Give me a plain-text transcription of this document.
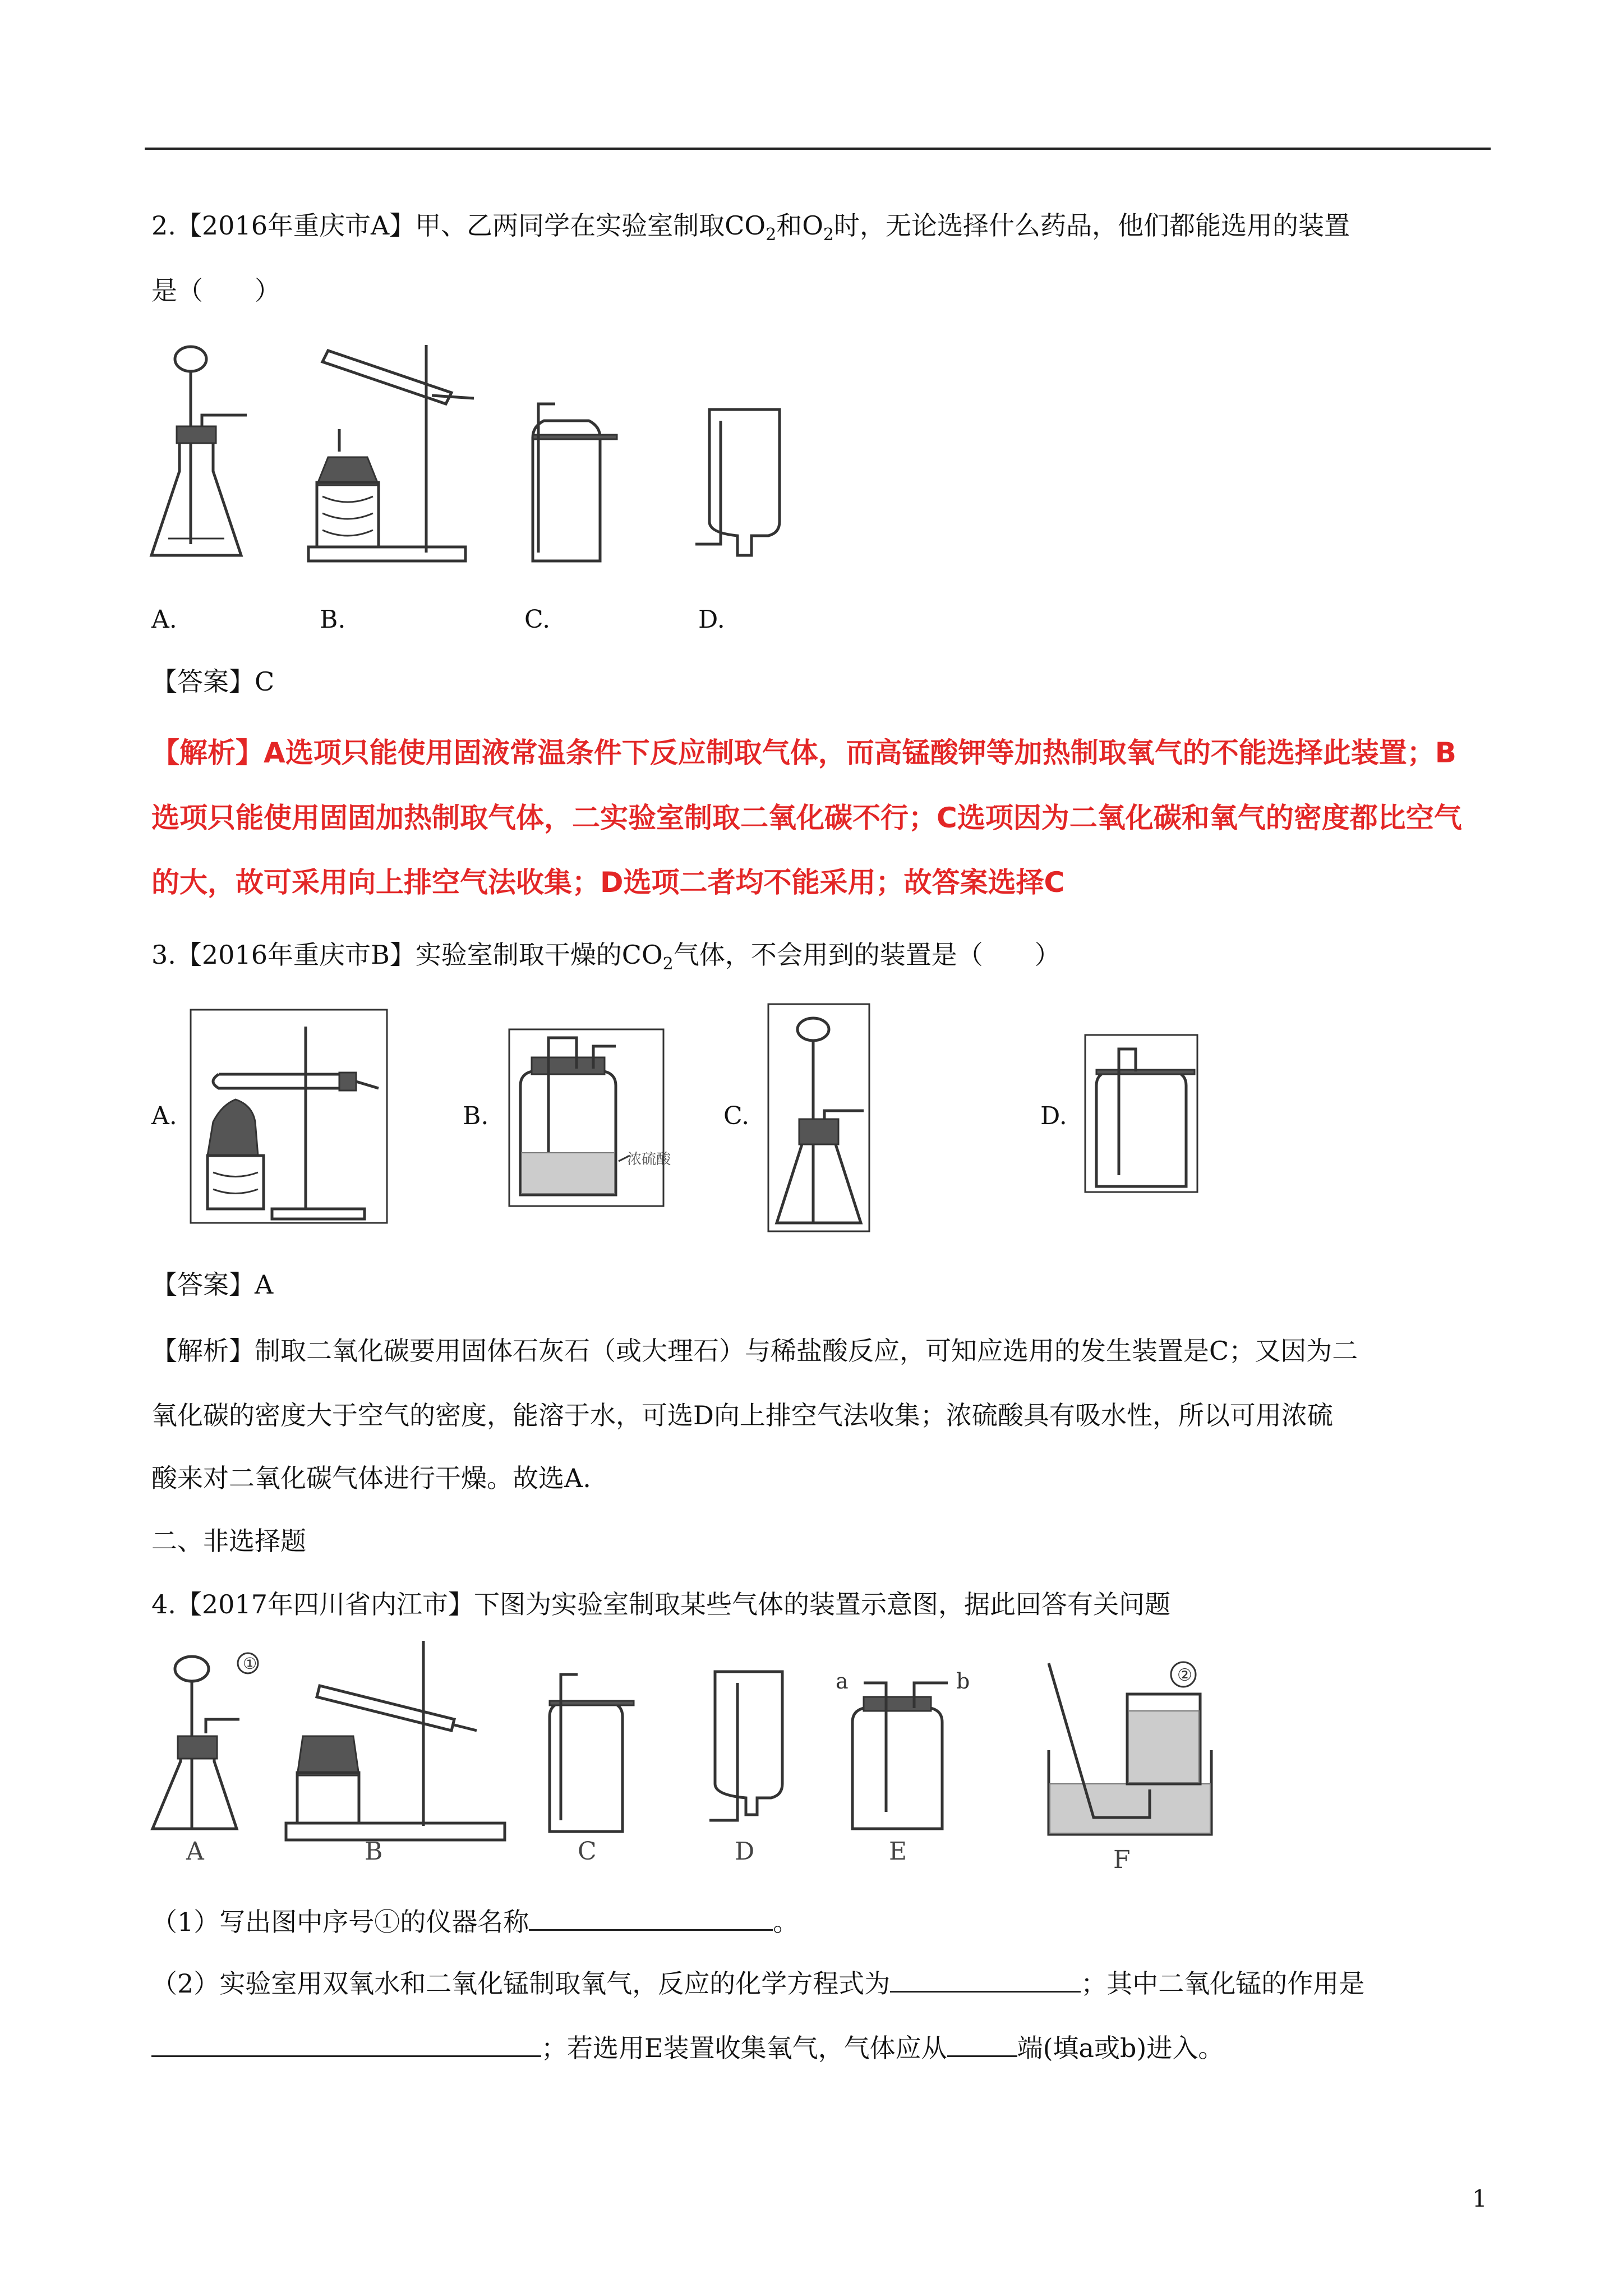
2.【2016年重庆市A】甲、乙两同学在实验室制取$CO_2$和$O_2$时，无论选择什么药品，他们都能选用的装置
是（　　）
A.	B.	C.	D.
【答案】C
【解析】A选项只能使用固液常温条件下反应制取气体，而高锰酸钾等加热制取氧气的不能选择此装置；B
选项只能使用固固加热制取气体，二实验室制取二氧化碳不行；C选项因为二氧化碳和氧气的密度都比空气
的大，故可采用向上排空气法收集；D选项二者均不能采用；故答案选择C
3.【2016年重庆市B】实验室制取干燥的$CO_2$气体，不会用到的装置是（　　）
浓硫酸
A.	B.	C.	D.
【答案】A
【解析】制取二氧化碳要用固体石灰石（或大理石）与稀盐酸反应，可知应选用的发生装置是C；又因为二
氧化碳的密度大于空气的密度，能溶于水，可选D向上排空气法收集；浓硫酸具有吸水性，所以可用浓硫
酸来对二氧化碳气体进行干燥。故选A.
二、非选择题
4.【2017年四川省内江市】下图为实验室制取某些气体的装置示意图，据此回答有关问题
①
A	B	C	D
a	b
E
②
F
（1）写出图中序号①的仪器名称	。
（2）实验室用双氧水和二氧化锰制取氧气，反应的化学方程式为	；其中二氧化锰的作用是
；若选用E装置收集氧气，气体应从	端(填a或b)进入。
1
